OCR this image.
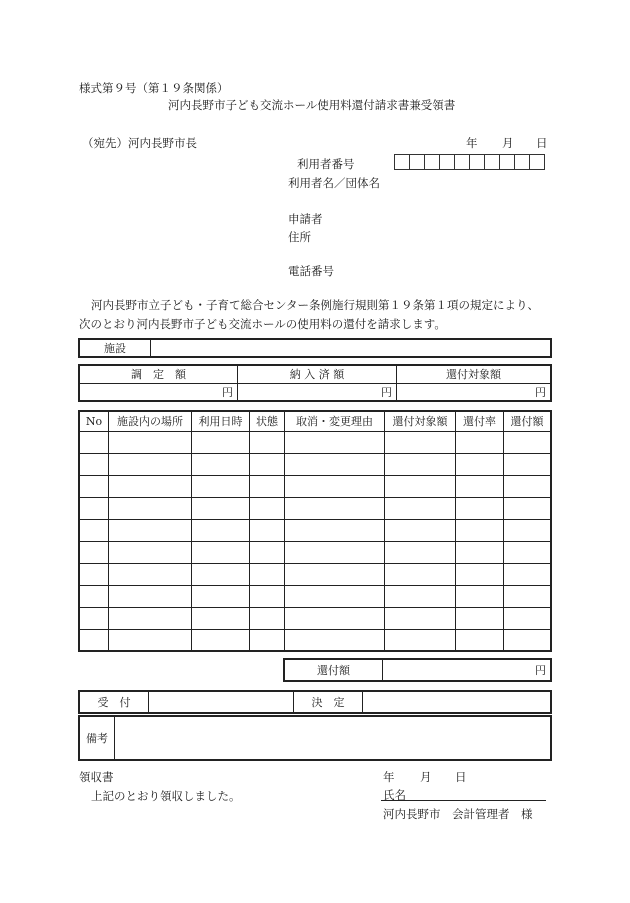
様式第９号（第１９条関係）
河内長野市子ども交流ホール使用料還付請求書兼受領書
（宛先）河内長野市長	年 月 日
利用者番号
利用者名／団体名
申請者
住所
電話番号
河内長野市立子ども・子育て総合センター条例施行規則第１９条第１項の規定により、
次のとおり河内長野市子ども交流ホールの使用料の還付を請求します。
施設	
調　定　額	納 入 済 額	還付対象額
円	円	円
No	施設内の場所	利用日時	状態	取消・変更理由	還付対象額	還付率	還付額

還付額	円
受　付		決　定	
備考	
領収書
上記のとおり領収しました。
年 月 日
氏名
河内長野市　会計管理者　様
